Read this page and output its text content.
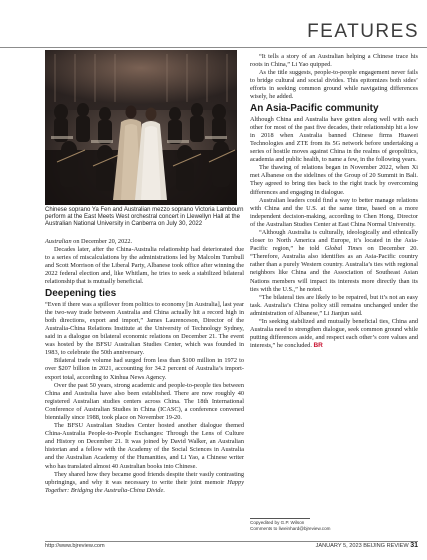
FEATURES

Chinese soprano Ya Fen and Australian mezzo soprano Victoria Lambourn perform at the East Meets West orchestral concert in Llewellyn Hall at the Australian National University in Canberra on July 30, 2022

Australian on December 20, 2022.

Decades later, after the China-Australia relationship had deteriorated due to a series of miscalculations by the administrations led by Malcolm Turnbull and Scott Morrison of the Liberal Party, Albanese took office after winning the 2022 federal election and, like Whitlam, he tries to seek a stabilized bilateral relationship that is mutually beneficial.

Deepening ties

“Even if there was a spillover from politics to economy [in Australia], last year the two-way trade between Australia and China actually hit a record high in both directions, export and import,” James Laurenceson, Director of the Australia-China Relations Institute at the University of Technology Sydney, said in a dialogue on bilateral economic relations on December 21. The event was hosted by the BFSU Australian Studies Center, which was founded in 1983, to celebrate the 50th anniversary.

Bilateral trade volume had surged from less than $100 million in 1972 to over $207 billion in 2021, accounting for 34.2 percent of Australia’s import-export total, according to Xinhua News Agency.

Over the past 50 years, strong academic and people-to-people ties between China and Australia have also been established. There are now roughly 40 registered Australian studies centers across China. The 18th International Conference of Australian Studies in China (ICASC), a conference convened biennially since 1988, took place on November 19-20.

The BFSU Australian Studies Center hosted another dialogue themed China-Australia People-to-People Exchanges: Through the Lens of Culture and History on December 21. It was joined by David Walker, an Australian historian and a fellow with the Academy of the Social Sciences in Australia and the Australian Academy of the Humanities, and Li Yao, a Chinese writer who has translated almost 40 Australian books into Chinese.

They shared how they became good friends despite their vastly contrasting upbringings, and why it was necessary to write their joint memoir Happy Together: Bridging the Australia-China Divide.

“It tells a story of an Australian helping a Chinese trace his roots in China,” Li Yao quipped.

As the title suggests, people-to-people engagement never fails to bridge cultural and social divides. This epitomizes both sides’ efforts in seeking common ground while navigating differences wisely, he added.

An Asia-Pacific community

Although China and Australia have gotten along well with each other for most of the past five decades, their relationship hit a low in 2018 when Australia banned Chinese firms Huawei Technologies and ZTE from its 5G network before undertaking a series of hostile moves against China in the realms of geopolitics, academia and public health, to name a few, in the following years.

The thawing of relations began in November 2022, when Xi met Albanese on the sidelines of the Group of 20 Summit in Bali. They agreed to bring ties back to the right track by overcoming differences and engaging in dialogue.

Australian leaders could find a way to better manage relations with China and the U.S. at the same time, based on a more independent decision-making, according to Chen Hong, Director of the Australian Studies Center at East China Normal University.

“Although Australia is culturally, ideologically and ethnically closer to North America and Europe, it’s located in the Asia-Pacific region,” he told Global Times on December 20. “Therefore, Australia also identifies as an Asia-Pacific country rather than a purely Western country. Australia’s ties with regional neighbors like China and the Association of Southeast Asian Nations members will impact its interests more directly than its ties with the U.S.,” he noted.

“The bilateral ties are likely to be repaired, but it’s not an easy task. Australia’s China policy still remains unchanged under the administration of Albanese,” Li Jianjun said.

“In seeking stabilized and mutually beneficial ties, China and Australia need to strengthen dialogue, seek common ground while putting differences aside, and respect each other’s core values and interests,” he concluded. BR

Copyedited by G.P. Wilson
Comments to liweinhard@bjreview.com
http://www.bjreview.com	JANUARY 5, 2023 BEIJING REVIEW 31
